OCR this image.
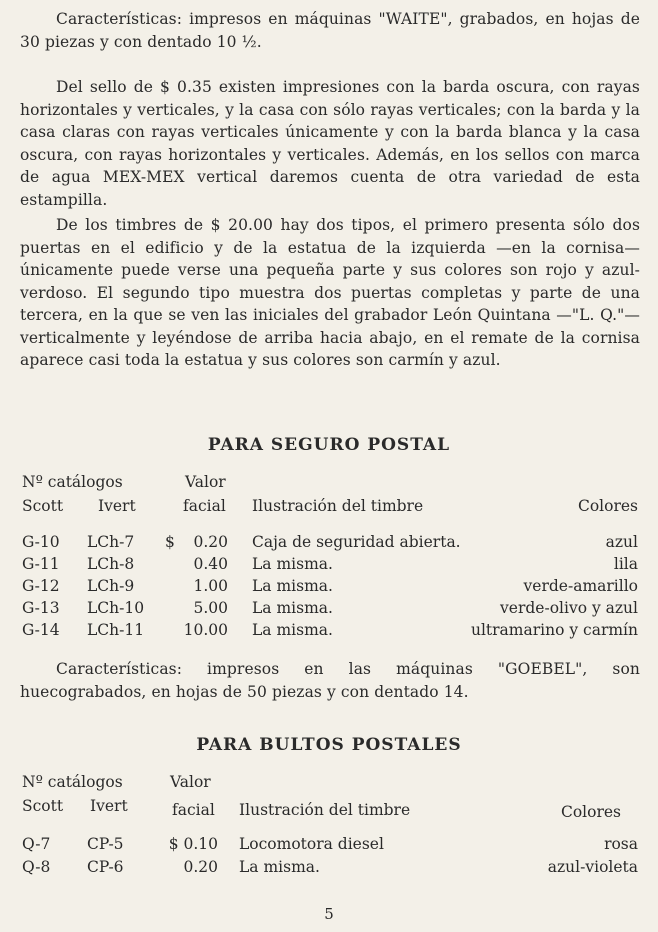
Características: impresos en máquinas "WAITE", grabados, en hojas de 30 piezas y con dentado 10 ½.

Del sello de $ 0.35 existen impresiones con la barda oscura, con rayas horizontales y verticales, y la casa con sólo rayas verticales; con la barda y la casa claras con rayas verticales únicamente y con la barda blanca y la casa oscura, con rayas horizontales y verticales. Además, en los sellos con marca de agua MEX-MEX vertical daremos cuenta de otra variedad de esta estampilla.

De los timbres de $ 20.00 hay dos tipos, el primero presenta sólo dos puertas en el edificio y de la estatua de la izquierda —en la cornisa— únicamente puede verse una pequeña parte y sus colores son rojo y azul-verdoso. El segundo tipo muestra dos puertas completas y parte de una tercera, en la que se ven las iniciales del grabador León Quintana —"L. Q."— verticalmente y leyéndose de arriba hacia abajo, en el remate de la cornisa aparece casi toda la estatua y sus colores son carmín y azul.

PARA SEGURO POSTAL
Nº catálogos	Valor
Scott Ivert	facial Ilustración del timbre	Colores
G-10 LCh-7 $ 0.20 Caja de seguridad abierta.	azul
G-11 LCh-8	0.40 La misma.	lila
G-12 LCh-9	1.00 La misma.	verde-amarillo
G-13 LCh-10	5.00 La misma.	verde-olivo y azul
G-14 LCh-11	10.00 La misma.	ultramarino y carmín

Características: impresos en las máquinas "GOEBEL", son huecograbados, en hojas de 50 piezas y con dentado 14.

PARA BULTOS POSTALES
Nº catálogos	Valor
Scott Ivert	facial Ilustración del timbre	Colores
Q-7 CP-5	$ 0.10 Locomotora diesel	rosa
Q-8 CP-6	0.20 La misma.	azul-violeta
5
